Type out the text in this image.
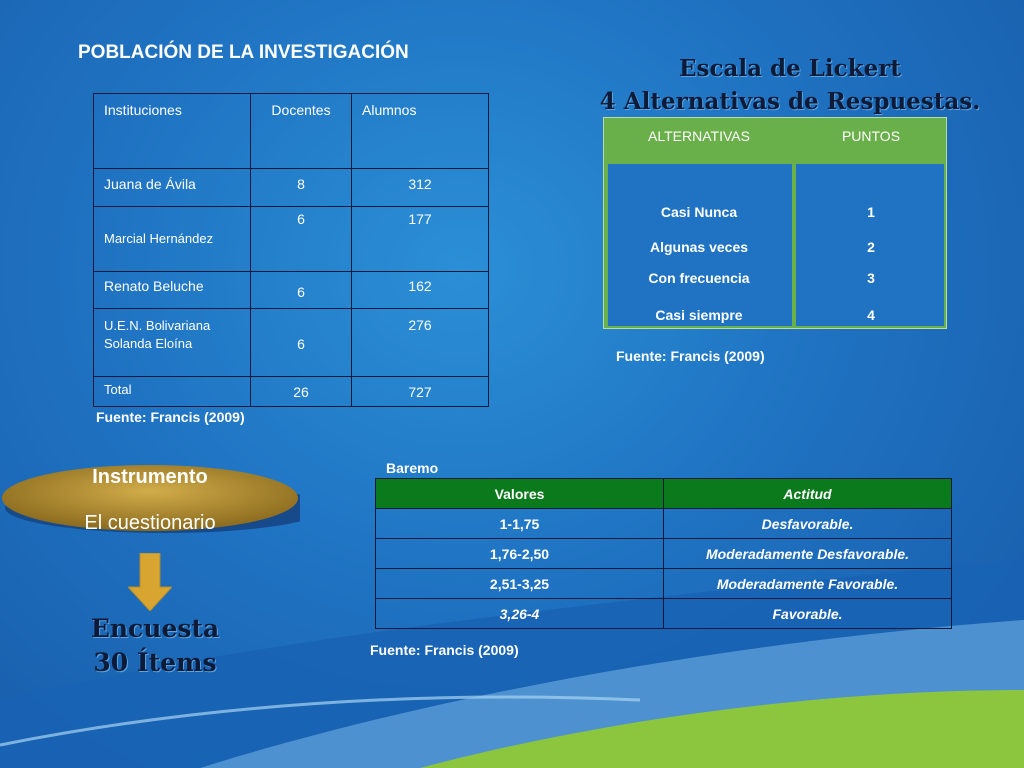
POBLACIÓN DE LA INVESTIGACIÓN
Instituciones	Docentes	Alumnos
Juana de Ávila	8	312
Marcial Hernández	6	177
Renato Beluche	6	162
U.E.N. Bolivariana Solanda Eloína	6	276
Total	26	727
Fuente: Francis (2009)
Escala de Lickert
4 Alternativas de Respuestas.
ALTERNATIVAS	PUNTOS
Casi Nunca	1
Algunas veces	2
Con frecuencia	3
Casi siempre	4
Fuente: Francis (2009)
Baremo
Valores	Actitud
1-1,75	Desfavorable.
1,76-2,50	Moderadamente Desfavorable.
2,51-3,25	Moderadamente Favorable.
3,26-4	Favorable.
Fuente: Francis (2009)
Instrumento
El cuestionario
Encuesta
30 Ítems
